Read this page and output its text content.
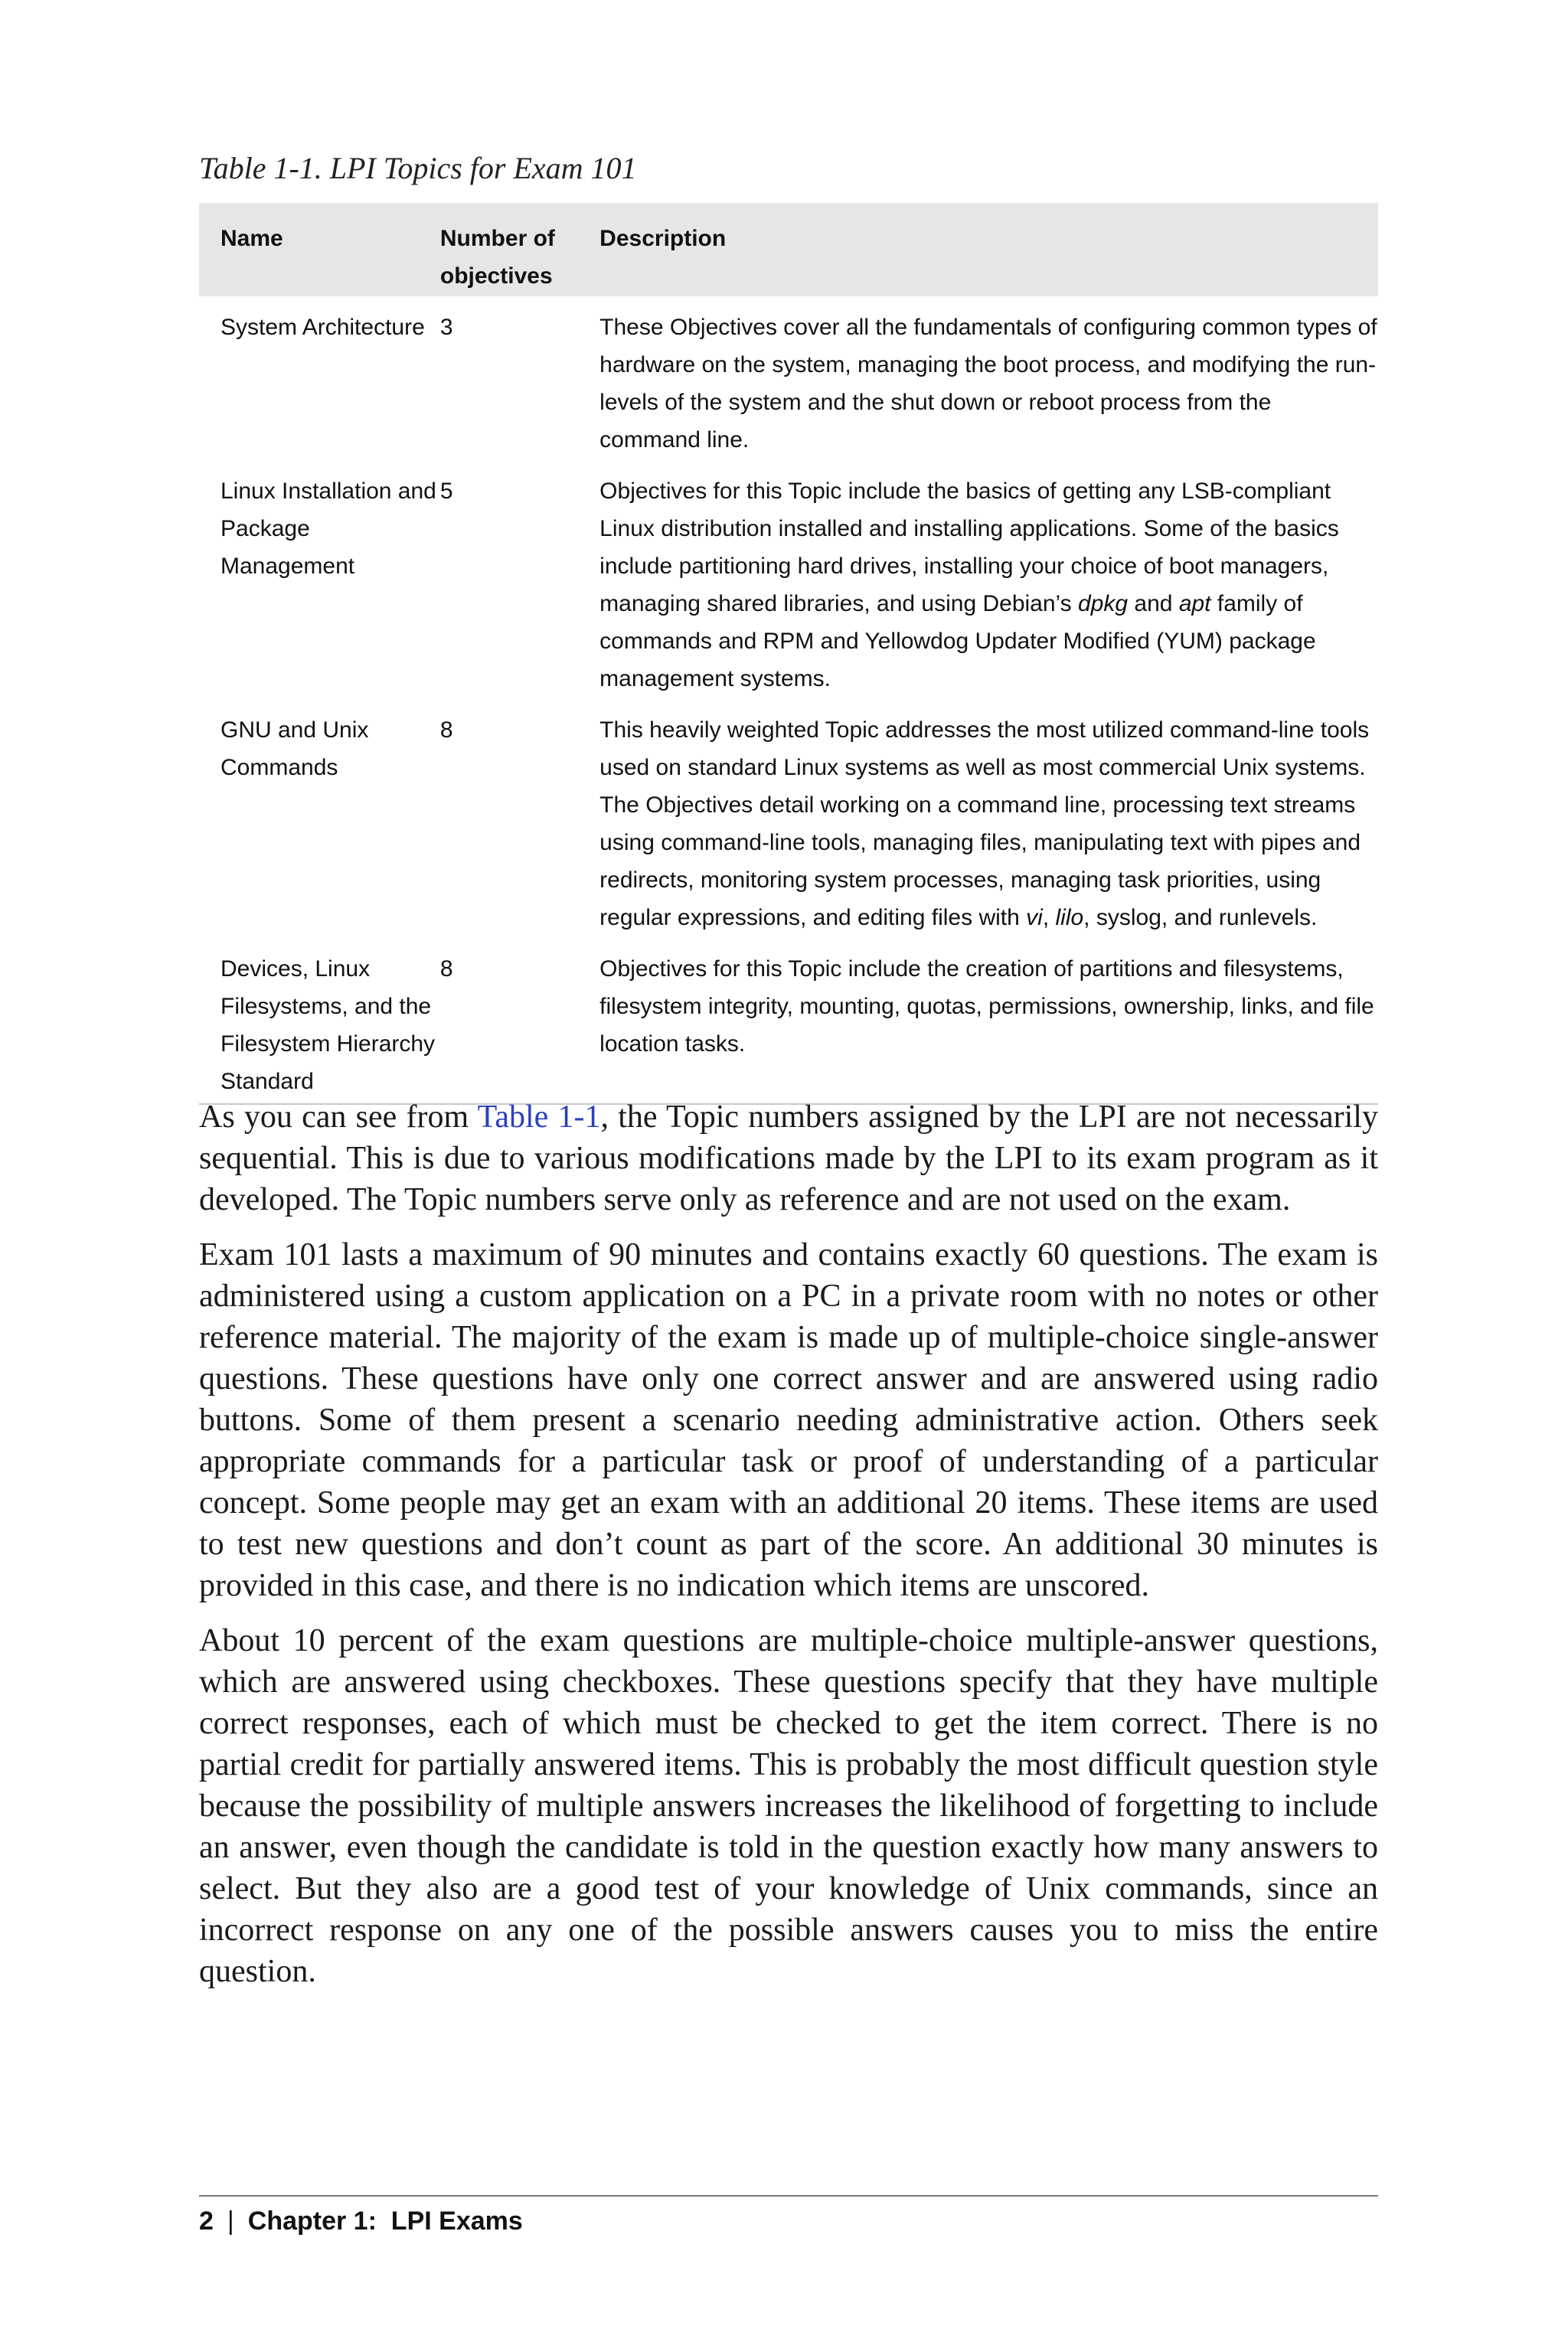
Table 1-1. LPI Topics for Exam 101

Name	Number of objectives	Description
System Architecture	3	These Objectives cover all the fundamentals of configuring common types of hardware on the system, managing the boot process, and modifying the run-levels of the system and the shut down or reboot process from the command line.
Linux Installation and Package Management	5	Objectives for this Topic include the basics of getting any LSB-compliant Linux distribution installed and installing applications. Some of the basics include partitioning hard drives, installing your choice of boot managers, managing shared libraries, and using Debian’s dpkg and apt family of commands and RPM and Yellowdog Updater Modified (YUM) package management systems.
GNU and Unix Commands	8	This heavily weighted Topic addresses the most utilized command-line tools used on standard Linux systems as well as most commercial Unix systems. The Objectives detail working on a command line, processing text streams using command-line tools, managing files, manipulating text with pipes and redirects, monitoring system processes, managing task priorities, using regular expressions, and editing files with vi, lilo, syslog, and runlevels.
Devices, Linux Filesystems, and the Filesystem Hierarchy Standard	8	Objectives for this Topic include the creation of partitions and filesystems, filesystem integrity, mounting, quotas, permissions, ownership, links, and file location tasks.

As you can see from Table 1-1, the Topic numbers assigned by the LPI are not necessarily sequential. This is due to various modifications made by the LPI to its exam program as it developed. The Topic numbers serve only as reference and are not used on the exam.

Exam 101 lasts a maximum of 90 minutes and contains exactly 60 questions. The exam is administered using a custom application on a PC in a private room with no notes or other reference material. The majority of the exam is made up of multiple-choice single-answer questions. These questions have only one correct answer and are answered using radio buttons. Some of them present a scenario needing administrative action. Others seek appropriate commands for a particular task or proof of understanding of a particular concept. Some people may get an exam with an additional 20 items. These items are used to test new questions and don’t count as part of the score. An additional 30 minutes is provided in this case, and there is no indication which items are unscored.

About 10 percent of the exam questions are multiple-choice multiple-answer questions, which are answered using checkboxes. These questions specify that they have multiple correct responses, each of which must be checked to get the item correct. There is no partial credit for partially answered items. This is probably the most difficult question style because the possibility of multiple answers increases the likelihood of forgetting to include an answer, even though the candidate is told in the question exactly how many answers to select. But they also are a good test of your knowledge of Unix commands, since an incorrect response on any one of the possible answers causes you to miss the entire question.

2 | Chapter 1:  LPI Exams
